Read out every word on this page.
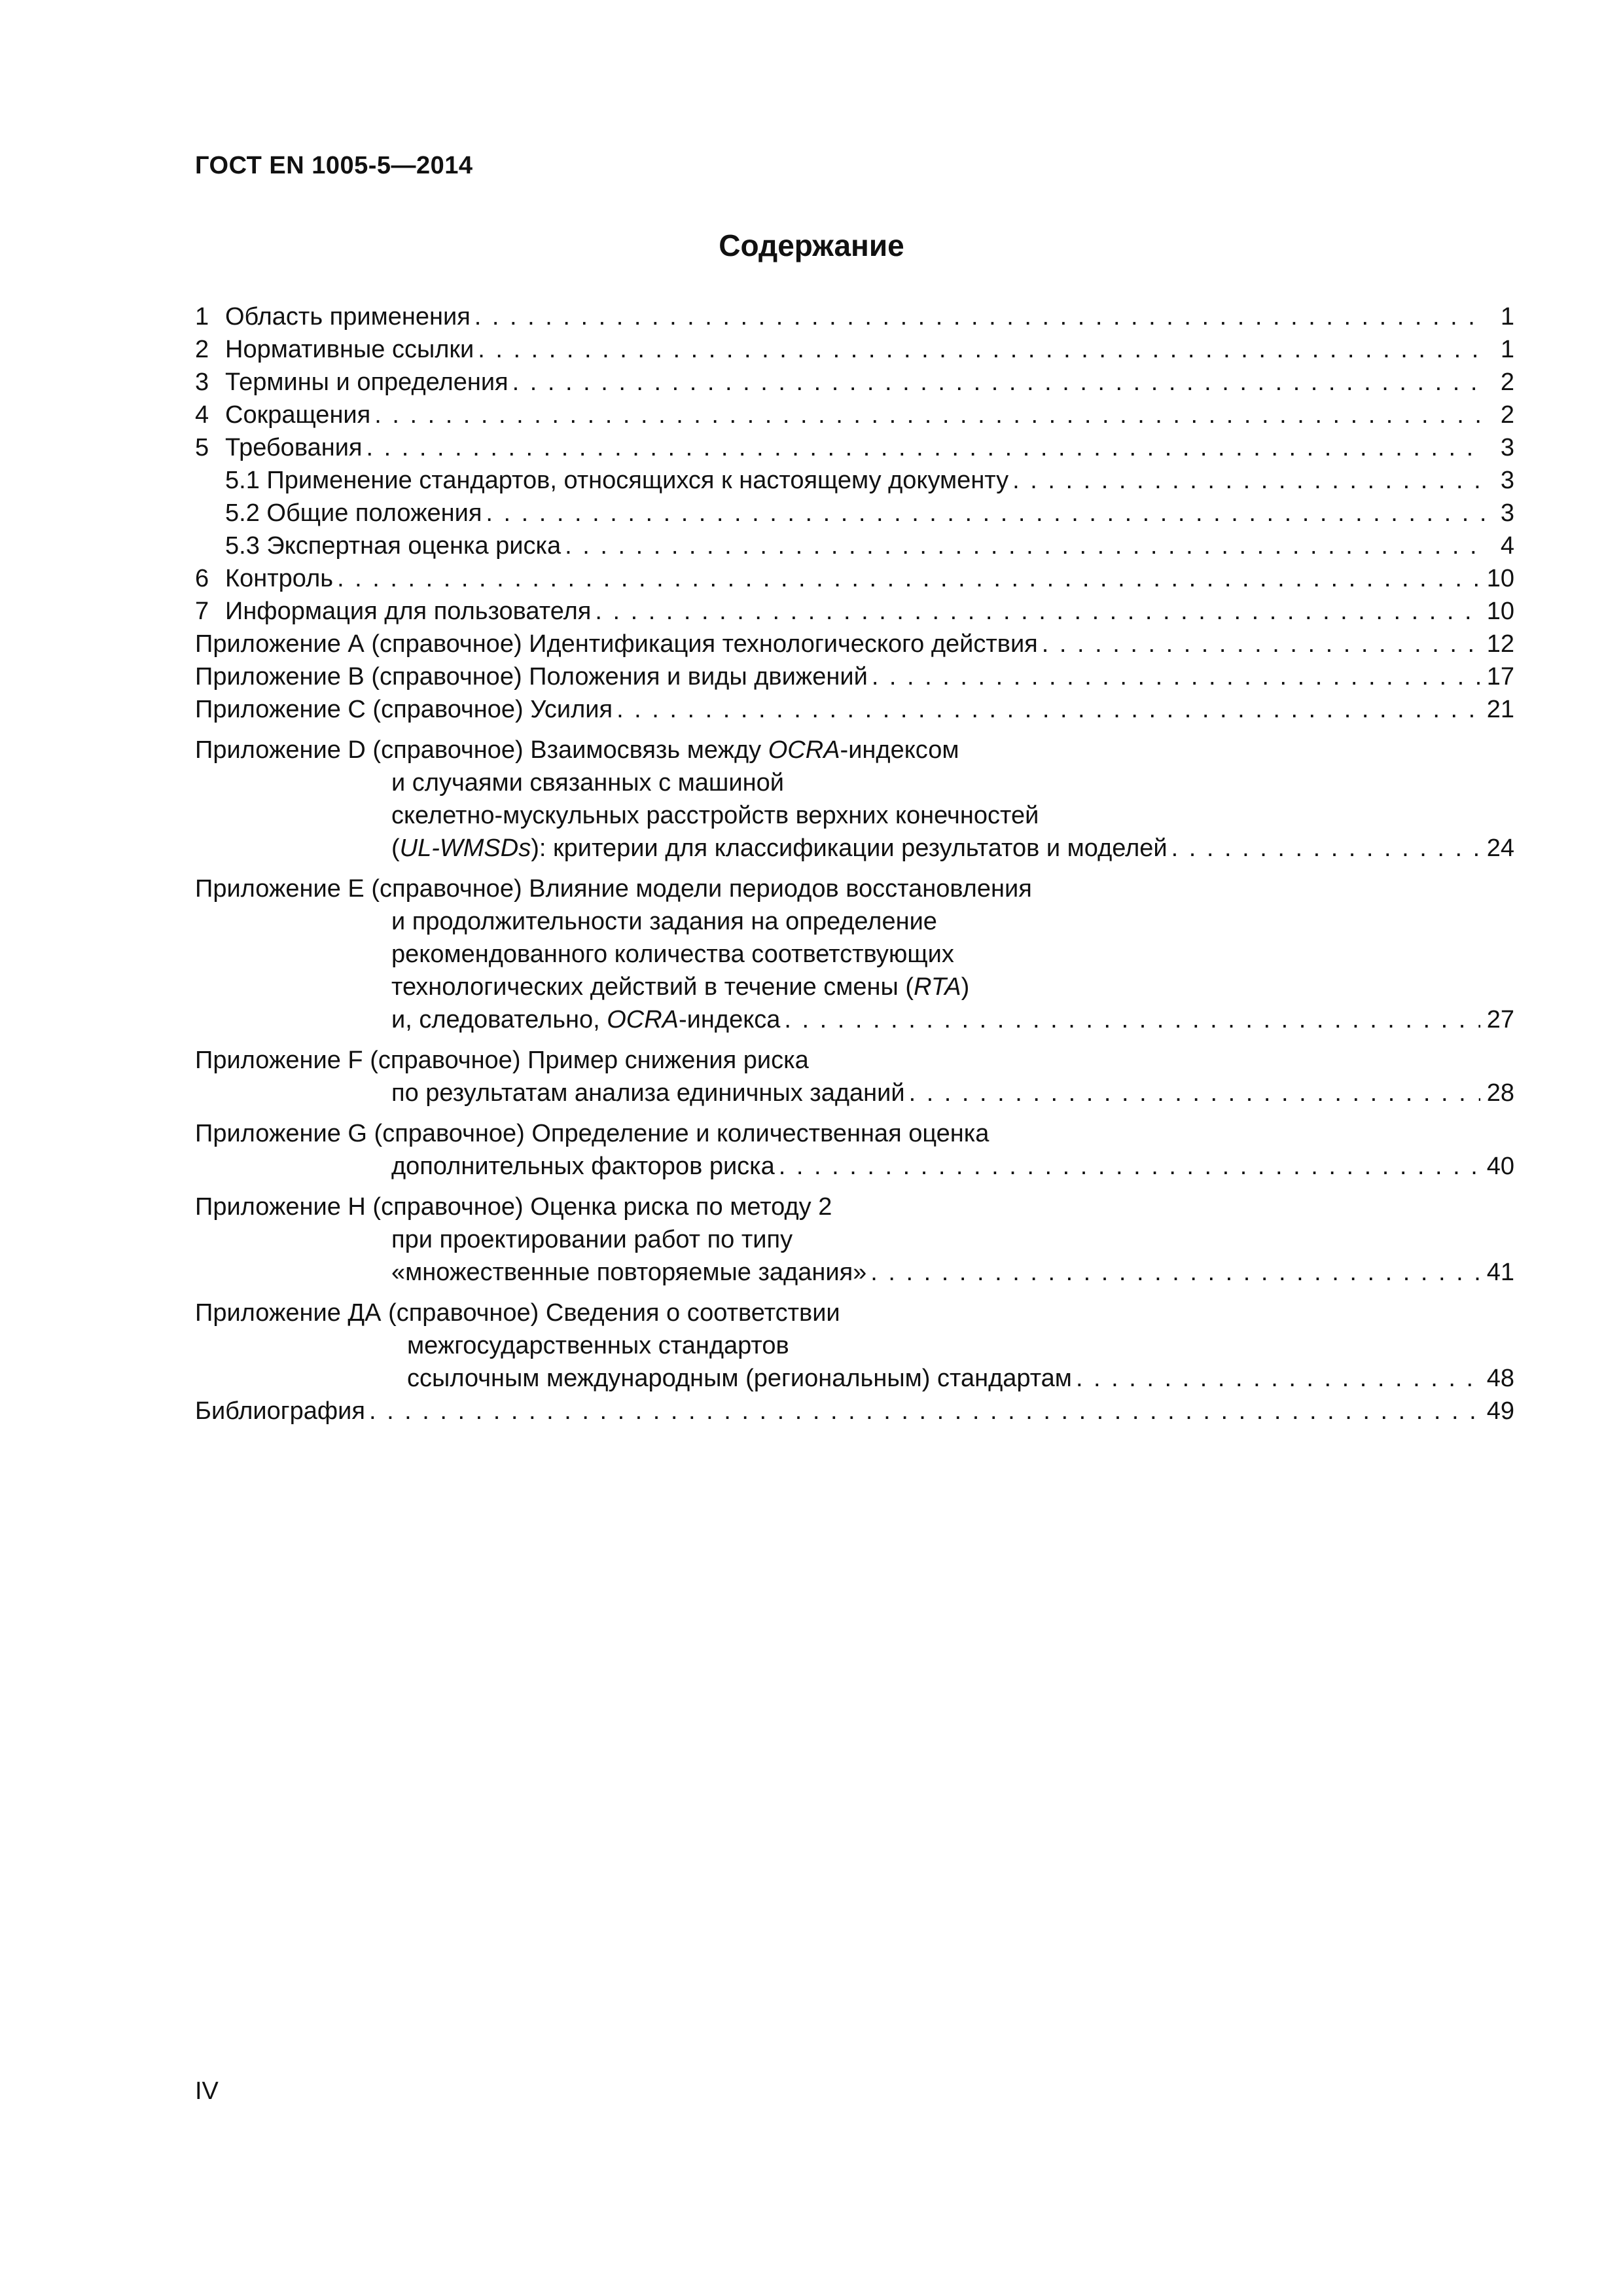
ГОСТ EN 1005-5—2014
Содержание
1 Область применения . . .	1
2 Нормативные ссылки . . .	1
3 Термины и определения . . .	2
4 Сокращения . . .	2
5 Требования . . .	3
5.1 Применение стандартов, относящихся к настоящему документу . . .	3
5.2 Общие положения . . .	3
5.3 Экспертная оценка риска . . .	4
6 Контроль . . .	10
7 Информация для пользователя . . .	10
Приложение А (справочное) Идентификация технологического действия . . .	12
Приложение В (справочное) Положения и виды движений . . .	17
Приложение С (справочное) Усилия . . .	21
Приложение D (справочное) Взаимосвязь между OCRA-индексом
и случаями связанных с машиной
скелетно-мускульных расстройств верхних конечностей
(UL-WMSDs): критерии для классификации результатов и моделей . . .	24
Приложение Е (справочное) Влияние модели периодов восстановления
и продолжительности задания на определение
рекомендованного количества соответствующих
технологических действий в течение смены (RTA)
и, следовательно, OCRA-индекса . . .	27
Приложение F (справочное) Пример снижения риска
по результатам анализа единичных заданий . . .	28
Приложение G (справочное) Определение и количественная оценка
дополнительных факторов риска . . .	40
Приложение Н (справочное) Оценка риска по методу 2
при проектировании работ по типу
«множественные повторяемые задания» . . .	41
Приложение ДА (справочное) Сведения о соответствии
межгосударственных стандартов
ссылочным международным (региональным) стандартам . . .	48
Библиография . . .	49
IV
